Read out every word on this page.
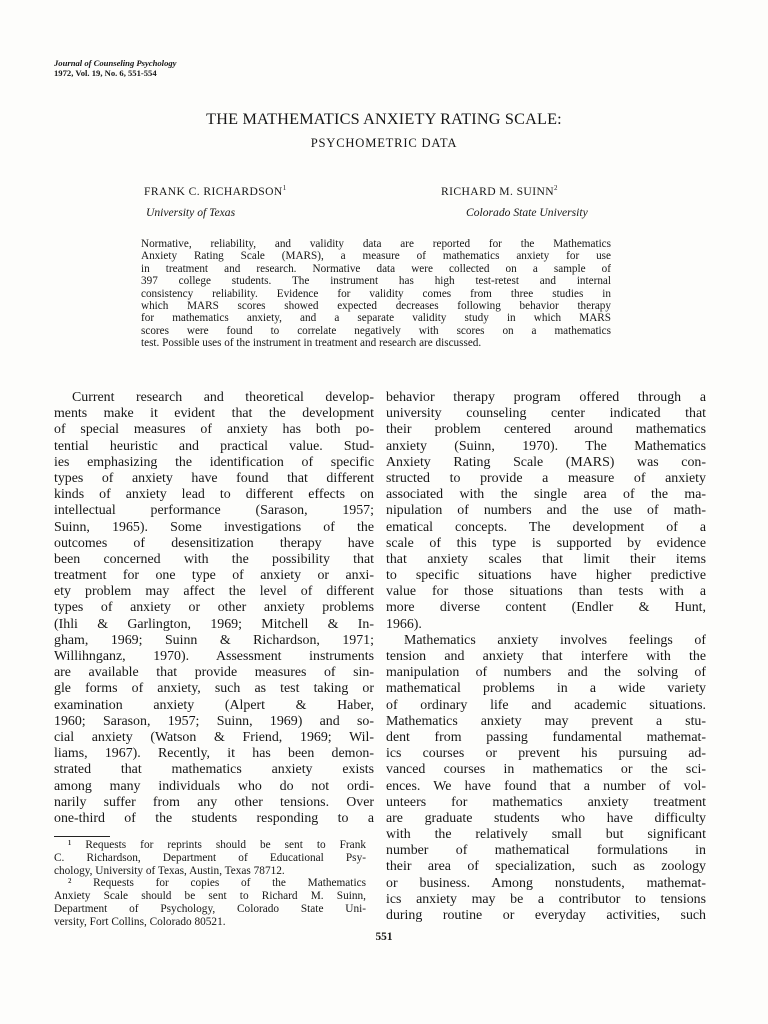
Journal of Counseling Psychology
1972, Vol. 19, No. 6, 551-554
THE MATHEMATICS ANXIETY RATING SCALE:
PSYCHOMETRIC DATA
FRANK C. RICHARDSON$^1$	RICHARD M. SUINN$^2$
University of Texas	Colorado State University
Normative, reliability, and validity data are reported for the Mathematics
Anxiety Rating Scale (MARS), a measure of mathematics anxiety for use
in treatment and research. Normative data were collected on a sample of
397 college students. The instrument has high test-retest and internal
consistency reliability. Evidence for validity comes from three studies in
which MARS scores showed expected decreases following behavior therapy
for mathematics anxiety, and a separate validity study in which MARS
scores were found to correlate negatively with scores on a mathematics
test. Possible uses of the instrument in treatment and research are discussed.
Current research and theoretical develop-
ments make it evident that the development
of special measures of anxiety has both po-
tential heuristic and practical value. Stud-
ies emphasizing the identification of specific
types of anxiety have found that different
kinds of anxiety lead to different effects on
intellectual performance (Sarason, 1957;
Suinn, 1965). Some investigations of the
outcomes of desensitization therapy have
been concerned with the possibility that
treatment for one type of anxiety or anxi-
ety problem may affect the level of different
types of anxiety or other anxiety problems
(Ihli & Garlington, 1969; Mitchell & In-
gham, 1969; Suinn & Richardson, 1971;
Willihnganz, 1970). Assessment instruments
are available that provide measures of sin-
gle forms of anxiety, such as test taking or
examination anxiety (Alpert & Haber,
1960; Sarason, 1957; Suinn, 1969) and so-
cial anxiety (Watson & Friend, 1969; Wil-
liams, 1967). Recently, it has been demon-
strated that mathematics anxiety exists
among many individuals who do not ordi-
narily suffer from any other tensions. Over
one-third of the students responding to a
behavior therapy program offered through a
university counseling center indicated that
their problem centered around mathematics
anxiety (Suinn, 1970). The Mathematics
Anxiety Rating Scale (MARS) was con-
structed to provide a measure of anxiety
associated with the single area of the ma-
nipulation of numbers and the use of math-
ematical concepts. The development of a
scale of this type is supported by evidence
that anxiety scales that limit their items
to specific situations have higher predictive
value for those situations than tests with a
more diverse content (Endler & Hunt,
1966).
Mathematics anxiety involves feelings of
tension and anxiety that interfere with the
manipulation of numbers and the solving of
mathematical problems in a wide variety
of ordinary life and academic situations.
Mathematics anxiety may prevent a stu-
dent from passing fundamental mathemat-
ics courses or prevent his pursuing ad-
vanced courses in mathematics or the sci-
ences. We have found that a number of vol-
unteers for mathematics anxiety treatment
are graduate students who have difficulty
with the relatively small but significant
number of mathematical formulations in
their area of specialization, such as zoology
or business. Among nonstudents, mathemat-
ics anxiety may be a contributor to tensions
during routine or everyday activities, such
¹ Requests for reprints should be sent to Frank
C. Richardson, Department of Educational Psy-
chology, University of Texas, Austin, Texas 78712.
² Requests for copies of the Mathematics
Anxiety Scale should be sent to Richard M. Suinn,
Department of Psychology, Colorado State Uni-
versity, Fort Collins, Colorado 80521.
551
